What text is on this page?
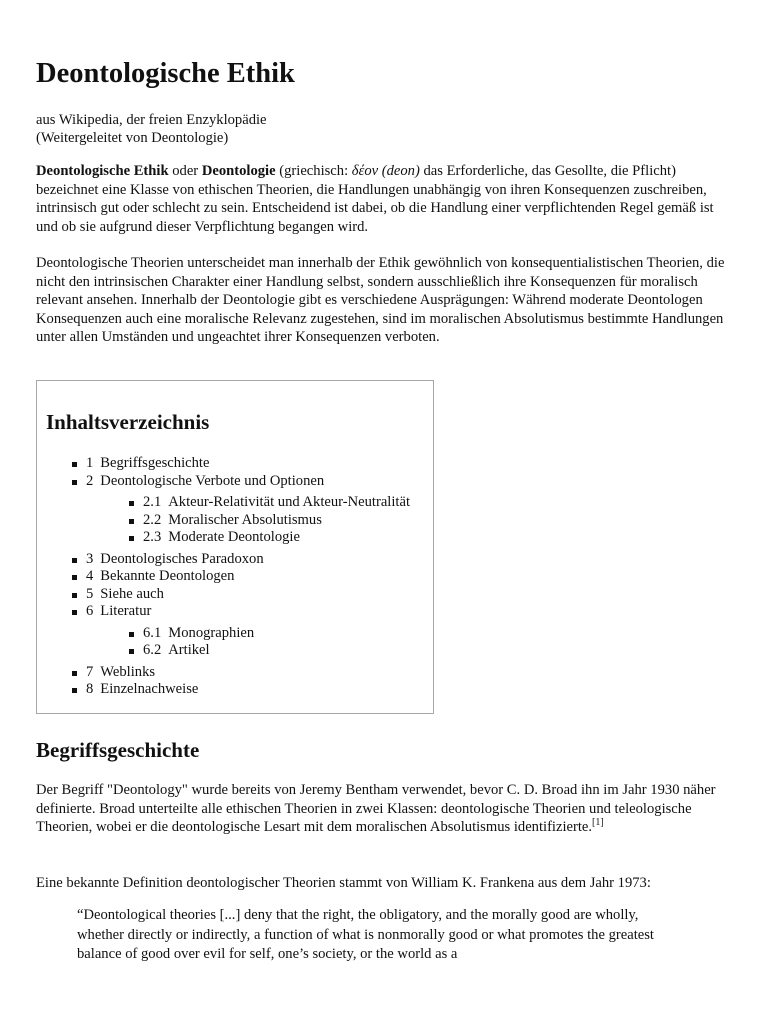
Deontologische Ethik
aus Wikipedia, der freien Enzyklopädie
(Weitergeleitet von Deontologie)

Deontologische Ethik oder Deontologie (griechisch: δέον (deon) das Erforderliche, das Gesollte, die Pflicht) bezeichnet eine Klasse von ethischen Theorien, die Handlungen unabhängig von ihren Konsequenzen zuschreiben, intrinsisch gut oder schlecht zu sein. Entscheidend ist dabei, ob die Handlung einer verpflichtenden Regel gemäß ist und ob sie aufgrund dieser Verpflichtung begangen wird.

Deontologische Theorien unterscheidet man innerhalb der Ethik gewöhnlich von konsequentialistischen Theorien, die nicht den intrinsischen Charakter einer Handlung selbst, sondern ausschließlich ihre Konsequenzen für moralisch relevant ansehen. Innerhalb der Deontologie gibt es verschiedene Ausprägungen: Während moderate Deontologen Konsequenzen auch eine moralische Relevanz zugestehen, sind im moralischen Absolutismus bestimmte Handlungen unter allen Umständen und ungeachtet ihrer Konsequenzen verboten.

Inhaltsverzeichnis
1 Begriffsgeschichte
2 Deontologische Verbote und Optionen
2.1 Akteur-Relativität und Akteur-Neutralität
2.2 Moralischer Absolutismus
2.3 Moderate Deontologie
3 Deontologisches Paradoxon
4 Bekannte Deontologen
5 Siehe auch
6 Literatur
6.1 Monographien
6.2 Artikel
7 Weblinks
8 Einzelnachweise
Begriffsgeschichte

Der Begriff "Deontology" wurde bereits von Jeremy Bentham verwendet, bevor C. D. Broad ihn im Jahr 1930 näher definierte. Broad unterteilte alle ethischen Theorien in zwei Klassen: deontologische Theorien und teleologische Theorien, wobei er die deontologische Lesart mit dem moralischen Absolutismus identifizierte.[1]

Eine bekannte Definition deontologischer Theorien stammt von William K. Frankena aus dem Jahr 1973:

“Deontological theories [...] deny that the right, the obligatory, and the morally good are wholly, whether directly or indirectly, a function of what is nonmorally good or what promotes the greatest balance of good over evil for self, one’s society, or the world as a
